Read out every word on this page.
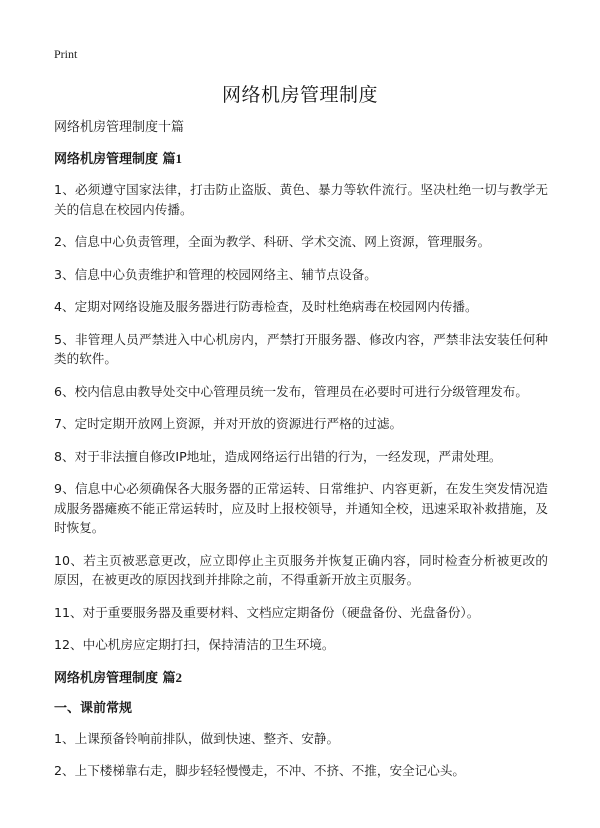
Print
网络机房管理制度
网络机房管理制度十篇
网络机房管理制度 篇1

1、必须遵守国家法律，打击防止盗版、黄色、暴力等软件流行。坚决杜绝一切与教学无关的信息在校园内传播。

2、信息中心负责管理，全面为教学、科研、学术交流、网上资源，管理服务。

3、信息中心负责维护和管理的校园网络主、辅节点设备。

4、定期对网络设施及服务器进行防毒检查，及时杜绝病毒在校园网内传播。

5、非管理人员严禁进入中心机房内，严禁打开服务器、修改内容，严禁非法安装任何种类的软件。

6、校内信息由教导处交中心管理员统一发布，管理员在必要时可进行分级管理发布。

7、定时定期开放网上资源，并对开放的资源进行严格的过滤。

8、对于非法擅自修改IP地址，造成网络运行出错的行为，一经发现，严肃处理。

9、信息中心必须确保各大服务器的正常运转、日常维护、内容更新，在发生突发情况造成服务器瘫痪不能正常运转时，应及时上报校领导，并通知全校，迅速采取补救措施，及时恢复。

10、若主页被恶意更改，应立即停止主页服务并恢复正确内容，同时检查分析被更改的原因，在被更改的原因找到并排除之前，不得重新开放主页服务。

11、对于重要服务器及重要材料、文档应定期备份（硬盘备份、光盘备份）。

12、中心机房应定期打扫，保持清洁的卫生环境。

网络机房管理制度 篇2
一、课前常规

1、上课预备铃响前排队，做到快速、整齐、安静。

2、上下楼梯靠右走，脚步轻轻慢慢走，不冲、不挤、不推，安全记心头。
